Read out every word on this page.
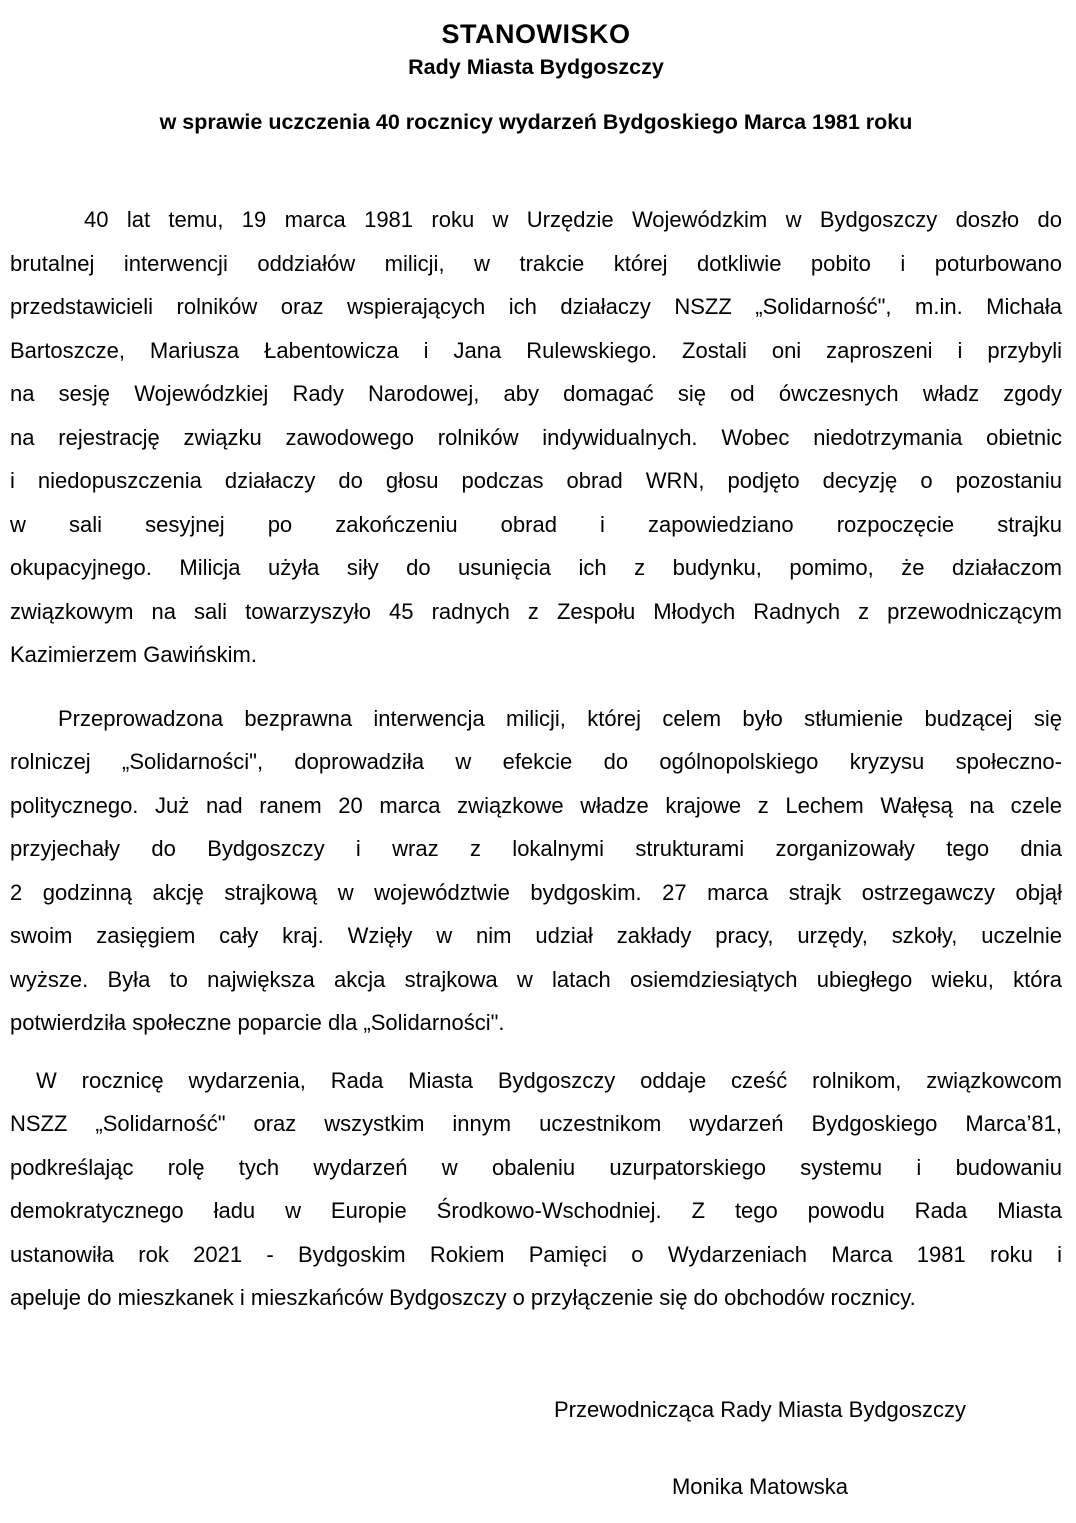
STANOWISKO
Rady Miasta Bydgoszczy
w sprawie uczczenia 40 rocznicy wydarzeń Bydgoskiego Marca 1981 roku
40 lat temu, 19 marca 1981 roku w Urzędzie Wojewódzkim w Bydgoszczy doszło do
brutalnej interwencji oddziałów milicji, w trakcie której dotkliwie pobito i poturbowano
przedstawicieli rolników oraz wspierających ich działaczy NSZZ „Solidarność", m.in. Michała
Bartoszcze, Mariusza Łabentowicza i Jana Rulewskiego. Zostali oni zaproszeni i przybyli
na sesję Wojewódzkiej Rady Narodowej, aby domagać się od ówczesnych władz zgody
na rejestrację związku zawodowego rolników indywidualnych. Wobec niedotrzymania obietnic
i niedopuszczenia działaczy do głosu podczas obrad WRN, podjęto decyzję o pozostaniu
w sali sesyjnej po zakończeniu obrad i zapowiedziano rozpoczęcie strajku
okupacyjnego. Milicja użyła siły do usunięcia ich z budynku, pomimo, że działaczom
związkowym na sali towarzyszyło 45 radnych z Zespołu Młodych Radnych z przewodniczącym
Kazimierzem Gawińskim.
Przeprowadzona bezprawna interwencja milicji, której celem było stłumienie budzącej się
rolniczej „Solidarności", doprowadziła w efekcie do ogólnopolskiego kryzysu społeczno-
politycznego. Już nad ranem 20 marca związkowe władze krajowe z Lechem Wałęsą na czele
przyjechały do Bydgoszczy i wraz z lokalnymi strukturami zorganizowały tego dnia
2 godzinną akcję strajkową w województwie bydgoskim. 27 marca strajk ostrzegawczy objął
swoim zasięgiem cały kraj. Wzięły w nim udział zakłady pracy, urzędy, szkoły, uczelnie
wyższe. Była to największa akcja strajkowa w latach osiemdziesiątych ubiegłego wieku, która
potwierdziła społeczne poparcie dla „Solidarności".
W rocznicę wydarzenia, Rada Miasta Bydgoszczy oddaje cześć rolnikom, związkowcom
NSZZ „Solidarność" oraz wszystkim innym uczestnikom wydarzeń Bydgoskiego Marca’81,
podkreślając rolę tych wydarzeń w obaleniu uzurpatorskiego systemu i budowaniu
demokratycznego ładu w Europie Środkowo-Wschodniej. Z tego powodu Rada Miasta
ustanowiła rok 2021 - Bydgoskim Rokiem Pamięci o Wydarzeniach Marca 1981 roku i
apeluje do mieszkanek i mieszkańców Bydgoszczy o przyłączenie się do obchodów rocznicy.
Przewodnicząca Rady Miasta Bydgoszczy
Monika Matowska
